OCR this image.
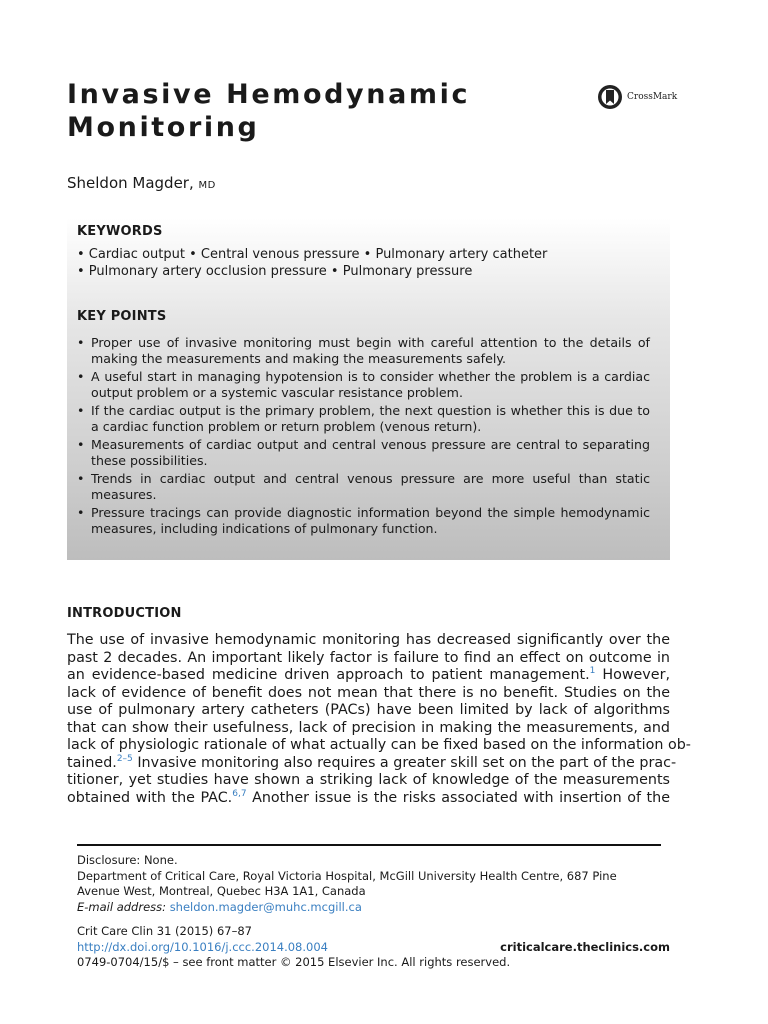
Invasive Hemodynamic
Monitoring
CrossMark
Sheldon Magder, MD
KEYWORDS
• Cardiac output • Central venous pressure • Pulmonary artery catheter
• Pulmonary artery occlusion pressure • Pulmonary pressure
KEY POINTS
• Proper use of invasive monitoring must begin with careful attention to the details of making the measurements and making the measurements safely.
• A useful start in managing hypotension is to consider whether the problem is a cardiac output problem or a systemic vascular resistance problem.
• If the cardiac output is the primary problem, the next question is whether this is due to a cardiac function problem or return problem (venous return).
• Measurements of cardiac output and central venous pressure are central to separating these possibilities.
• Trends in cardiac output and central venous pressure are more useful than static measures.
• Pressure tracings can provide diagnostic information beyond the simple hemodynamic measures, including indications of pulmonary function.
INTRODUCTION

The use of invasive hemodynamic monitoring has decreased significantly over the
past 2 decades. An important likely factor is failure to find an effect on outcome in
an evidence-based medicine driven approach to patient management.$^1$ However,
lack of evidence of benefit does not mean that there is no benefit. Studies on the
use of pulmonary artery catheters (PACs) have been limited by lack of algorithms
that can show their usefulness, lack of precision in making the measurements, and
lack of physiologic rationale of what actually can be fixed based on the information ob-
tained.$^{2-5}$ Invasive monitoring also requires a greater skill set on the part of the prac-
titioner, yet studies have shown a striking lack of knowledge of the measurements
obtained with the PAC.$^{6,7}$ Another issue is the risks associated with insertion of the

Disclosure: None.
Department of Critical Care, Royal Victoria Hospital, McGill University Health Centre, 687 Pine
Avenue West, Montreal, Quebec H3A 1A1, Canada
E-mail address: sheldon.magder@muhc.mcgill.ca
Crit Care Clin 31 (2015) 67–87
http://dx.doi.org/10.1016/j.ccc.2014.08.004
0749-0704/15/$ – see front matter © 2015 Elsevier Inc. All rights reserved.
criticalcare.theclinics.com
